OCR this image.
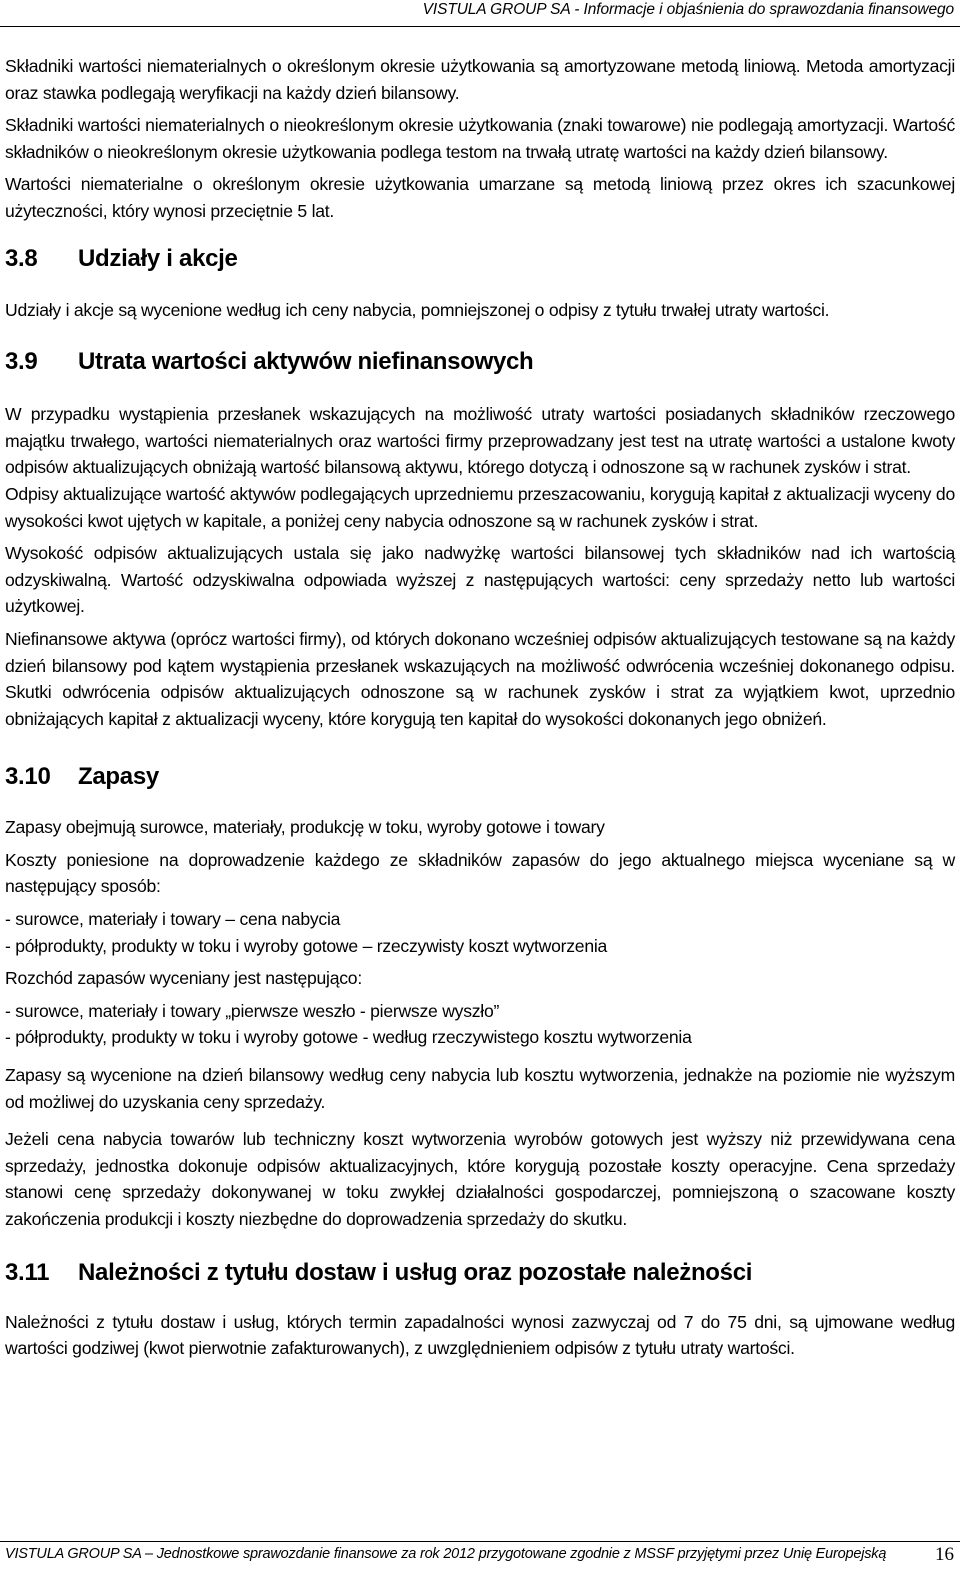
VISTULA GROUP SA - Informacje i objaśnienia do sprawozdania finansowego

Składniki wartości niematerialnych o określonym okresie użytkowania są amortyzowane metodą liniową. Metoda amortyzacji oraz stawka podlegają weryfikacji na każdy dzień bilansowy.

Składniki wartości niematerialnych o nieokreślonym okresie użytkowania (znaki towarowe) nie podlegają amortyzacji. Wartość składników o nieokreślonym okresie użytkowania podlega testom na trwałą utratę wartości na każdy dzień bilansowy.

Wartości niematerialne o określonym okresie użytkowania umarzane są metodą liniową przez okres ich szacunkowej użyteczności, który wynosi przeciętnie 5 lat.

3.8	Udziały i akcje

Udziały i akcje są wycenione według ich ceny nabycia, pomniejszonej o odpisy z tytułu trwałej utraty wartości.

3.9	Utrata wartości aktywów niefinansowych

W przypadku wystąpienia przesłanek wskazujących na możliwość utraty wartości posiadanych składników rzeczowego majątku trwałego, wartości niematerialnych oraz wartości firmy przeprowadzany jest test na utratę wartości a ustalone kwoty odpisów aktualizujących obniżają wartość bilansową aktywu, którego dotyczą i odnoszone są w rachunek zysków i strat.

Odpisy aktualizujące wartość aktywów podlegających uprzedniemu przeszacowaniu, korygują kapitał z aktualizacji wyceny do wysokości kwot ujętych w kapitale, a poniżej ceny nabycia odnoszone są w rachunek zysków i strat.

Wysokość odpisów aktualizujących ustala się jako nadwyżkę wartości bilansowej tych składników nad ich wartością odzyskiwalną. Wartość odzyskiwalna odpowiada wyższej z następujących wartości: ceny sprzedaży netto lub wartości użytkowej.

Niefinansowe aktywa (oprócz wartości firmy), od których dokonano wcześniej odpisów aktualizujących testowane są na każdy dzień bilansowy pod kątem wystąpienia przesłanek wskazujących na możliwość odwrócenia wcześniej dokonanego odpisu. Skutki odwrócenia odpisów aktualizujących odnoszone są w rachunek zysków i strat za wyjątkiem kwot, uprzednio obniżających kapitał z aktualizacji wyceny, które korygują ten kapitał do wysokości dokonanych jego obniżeń.

3.10	Zapasy

Zapasy obejmują surowce, materiały, produkcję w toku, wyroby gotowe i towary

Koszty poniesione na doprowadzenie każdego ze składników zapasów do jego aktualnego miejsca wyceniane są w następujący sposób:

- surowce, materiały i towary – cena nabycia

- półprodukty, produkty w toku i wyroby gotowe – rzeczywisty koszt wytworzenia

Rozchód zapasów wyceniany jest następująco:

- surowce, materiały i towary „pierwsze weszło - pierwsze wyszło”

- półprodukty, produkty w toku i wyroby gotowe - według rzeczywistego kosztu wytworzenia

Zapasy są wycenione na dzień bilansowy według ceny nabycia lub kosztu wytworzenia, jednakże na poziomie nie wyższym od możliwej do uzyskania ceny sprzedaży.

Jeżeli cena nabycia towarów lub techniczny koszt wytworzenia wyrobów gotowych jest wyższy niż przewidywana cena sprzedaży, jednostka dokonuje odpisów aktualizacyjnych, które korygują pozostałe koszty operacyjne. Cena sprzedaży stanowi cenę sprzedaży dokonywanej w toku zwykłej działalności gospodarczej, pomniejszoną o szacowane koszty zakończenia produkcji i koszty niezbędne do doprowadzenia sprzedaży do skutku.

3.11	Należności z tytułu dostaw i usług oraz pozostałe należności

Należności z tytułu dostaw i usług, których termin zapadalności wynosi zazwyczaj od 7 do 75 dni, są ujmowane według wartości godziwej (kwot pierwotnie zafakturowanych), z uwzględnieniem odpisów z tytułu utraty wartości.

VISTULA GROUP SA – Jednostkowe sprawozdanie finansowe za rok 2012 przygotowane zgodnie z MSSF przyjętymi przez Unię Europejską	16
